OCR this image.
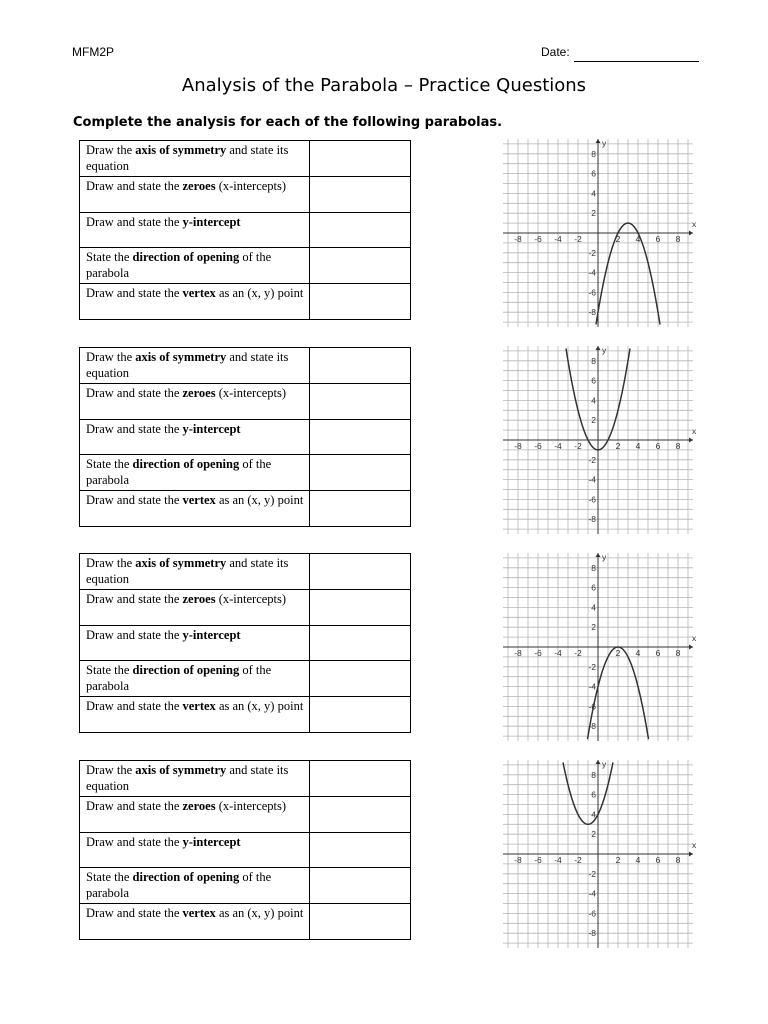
MFM2P	Date:
Analysis of the Parabola – Practice Questions
Complete the analysis for each of the following parabolas.
Draw the axis of symmetry and state its equation	
Draw and state the zeroes (x-intercepts)	
Draw and state the y-intercept	
State the direction of opening of the parabola	
Draw and state the vertex as an (x, y) point	
Draw the axis of symmetry and state its equation	
Draw and state the zeroes (x-intercepts)	
Draw and state the y-intercept	
State the direction of opening of the parabola	
Draw and state the vertex as an (x, y) point	
Draw the axis of symmetry and state its equation	
Draw and state the zeroes (x-intercepts)	
Draw and state the y-intercept	
State the direction of opening of the parabola	
Draw and state the vertex as an (x, y) point	
Draw the axis of symmetry and state its equation	
Draw and state the zeroes (x-intercepts)	
Draw and state the y-intercept	
State the direction of opening of the parabola	
Draw and state the vertex as an (x, y) point	
x
y
-8 -6 -4 -2	2 4 6 8
8
6
4
2
-2
-4
-6
-8
x
y
-8 -6 -4 -2	2 4 6 8
8
6
4
2
-2
-4
-6
-8
x
y
-8 -6 -4 -2	2 4 6 8
8
6
4
2
-2
-4
-6
-8
x
y
-8 -6 -4 -2	2 4 6 8
8
6
4
2
-2
-4
-6
-8
